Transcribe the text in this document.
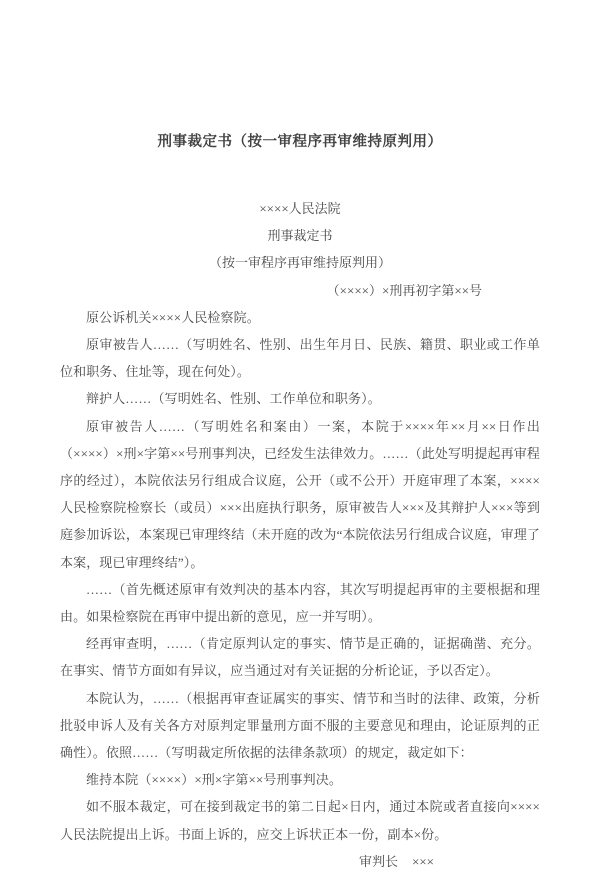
刑事裁定书（按一审程序再审维持原判用）

××××人民法院

刑事裁定书

（按一审程序再审维持原判用）

（××××）×刑再初字第××号

原公诉机关××××人民检察院。

原审被告人……（写明姓名、性别、出生年月日、民族、籍贯、职业或工作单位和职务、住址等，现在何处）。

辩护人……（写明姓名、性别、工作单位和职务）。

原审被告人……（写明姓名和案由）一案，本院于××××年××月××日作出（××××）×刑×字第××号刑事判决，已经发生法律效力。……（此处写明提起再审程序的经过），本院依法另行组成合议庭，公开（或不公开）开庭审理了本案，××××人民检察院检察长（或员）×××出庭执行职务，原审被告人×××及其辩护人×××等到庭参加诉讼，本案现已审理终结（未开庭的改为“本院依法另行组成合议庭，审理了本案，现已审理终结”）。

……（首先概述原审有效判决的基本内容，其次写明提起再审的主要根据和理由。如果检察院在再审中提出新的意见，应一并写明）。

经再审查明，……（肯定原判认定的事实、情节是正确的，证据确凿、充分。在事实、情节方面如有异议，应当通过对有关证据的分析论证，予以否定）。

本院认为，……（根据再审查证属实的事实、情节和当时的法律、政策，分析批驳申诉人及有关各方对原判定罪量刑方面不服的主要意见和理由，论证原判的正确性）。依照……（写明裁定所依据的法律条款项）的规定，裁定如下：

维持本院（××××）×刑×字第××号刑事判决。

如不服本裁定，可在接到裁定书的第二日起×日内，通过本院或者直接向××××人民法院提出上诉。书面上诉的，应交上诉状正本一份，副本×份。

审判长 ×××
